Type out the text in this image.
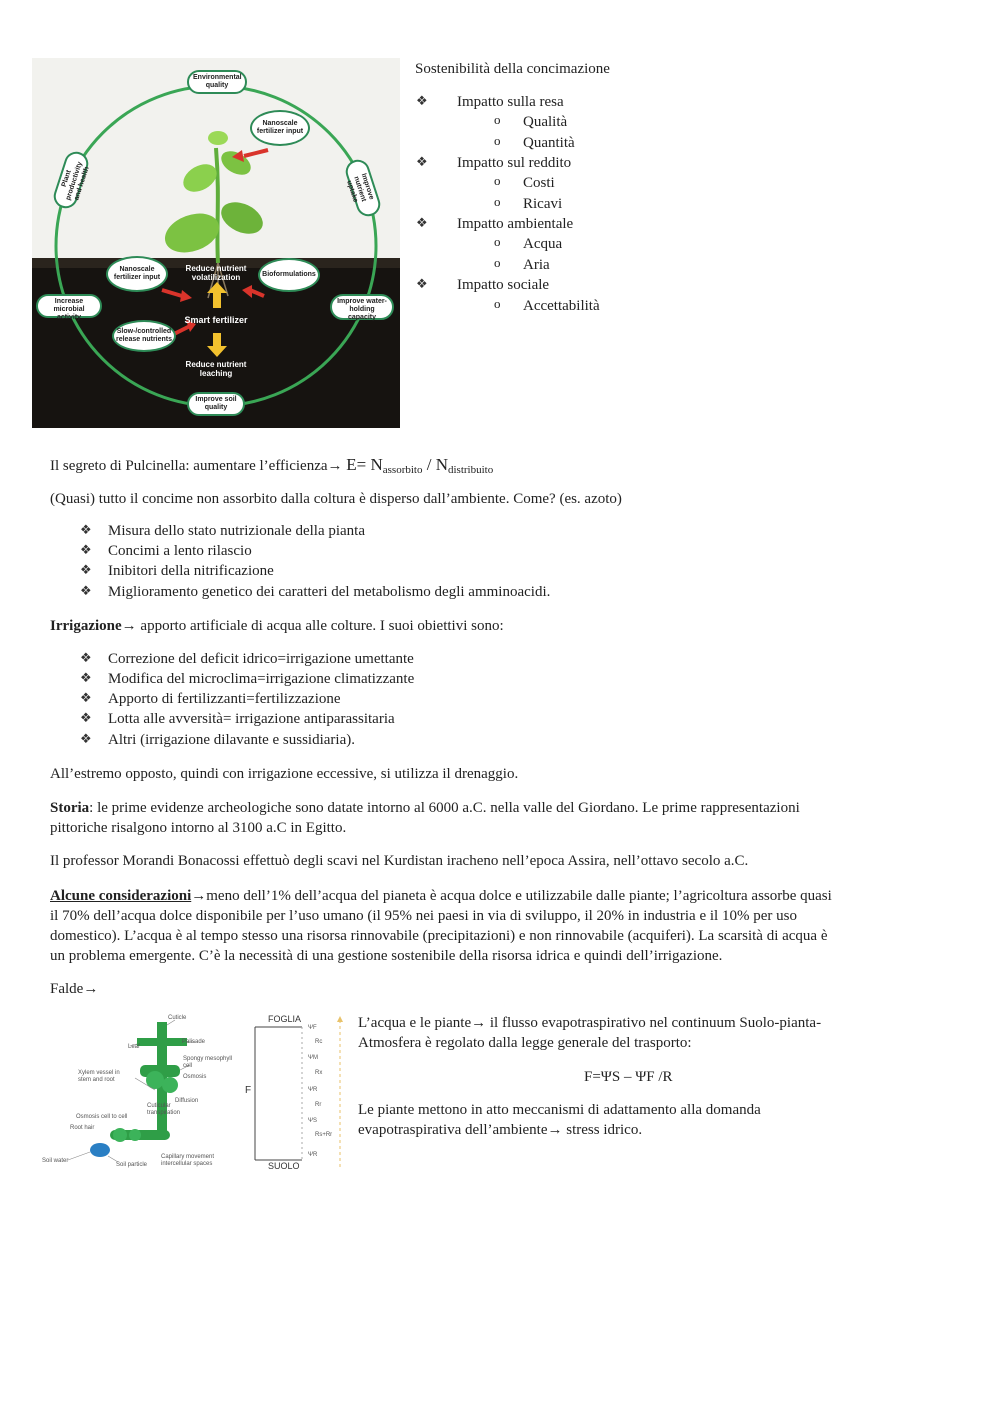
Environmental quality
Nanoscale fertilizer input
Plant productivity and health	Improve nutrient uptake
Nanoscale fertilizer input
Reduce nutrient volatilization	Bioformulations
Increase microbial activity
Improve water-holding capacity
Slow-/controlled release nutrients
Smart fertilizer
Reduce nutrient leaching
Improve soil quality
Sostenibilità della concimazione
❖ Impatto sulla resa
o Qualità
o Quantità
❖ Impatto sul reddito
o Costi
o Ricavi
❖ Impatto ambientale
o Acqua
o Aria
❖ Impatto sociale
o Accettabilità
Il segreto di Pulcinella: aumentare l’efficienza→ $E= N_{assorbito} / N_{distribuito}$
(Quasi) tutto il concime non assorbito dalla coltura è disperso dall’ambiente. Come? (es. azoto)
❖ Misura dello stato nutrizionale della pianta
❖ Concimi a lento rilascio
❖ Inibitori della nitrificazione
❖ Miglioramento genetico dei caratteri del metabolismo degli amminoacidi.
Irrigazione→ apporto artificiale di acqua alle colture. I suoi obiettivi sono:
❖ Correzione del deficit idrico=irrigazione umettante
❖ Modifica del microclima=irrigazione climatizzante
❖ Apporto di fertilizzanti=fertilizzazione
❖ Lotta alle avversità= irrigazione antiparassitaria
❖ Altri (irrigazione dilavante e sussidiaria).
All’estremo opposto, quindi con irrigazione eccessive, si utilizza il drenaggio.
Storia: le prime evidenze archeologiche sono datate intorno al 6000 a.C. nella valle del Giordano. Le prime rappresentazioni
pittoriche risalgono intorno al 3100 a.C in Egitto.
Il professor Morandi Bonacossi effettuò degli scavi nel Kurdistan iracheno nell’epoca Assira, nell’ottavo secolo a.C.
Alcune considerazioni→meno dell’1% dell’acqua del pianeta è acqua dolce e utilizzabile dalle piante; l’agricoltura assorbe quasi
il 70% dell’acqua dolce disponibile per l’uso umano (il 95% nei paesi in via di sviluppo, il 20% in industria e il 10% per uso
domestico). L’acqua è al tempo stesso una risorsa rinnovabile (precipitazioni) e non rinnovabile (acquiferi). La scarsità di acqua è
un problema emergente. C’è la necessità di una gestione sostenibile della risorsa idrica e quindi dell’irrigazione.
Falde→
Cuticle
Palisade
Leaf
Spongy mesophyll cell
Osmosis
Xylem vessel in stem and root
Diffusion
Cuticular transpiration
Osmosis cell to cell
Root hair
Capillary movement intercellular spaces
Soil water
Soil particle
FOGLIA
SUOLO
F
ΨF
Rc
ΨM
Rx
ΨR
Rr
ΨS
Rs+Rr
ΨR
L’acqua e le piante→ il flusso evapotraspirativo nel continuum Suolo-pianta-
Atmosfera è regolato dalla legge generale del trasporto:
F=ΨS – ΨF /R
Le piante mettono in atto meccanismi di adattamento alla domanda
evapotraspirativa dell’ambiente→ stress idrico.
